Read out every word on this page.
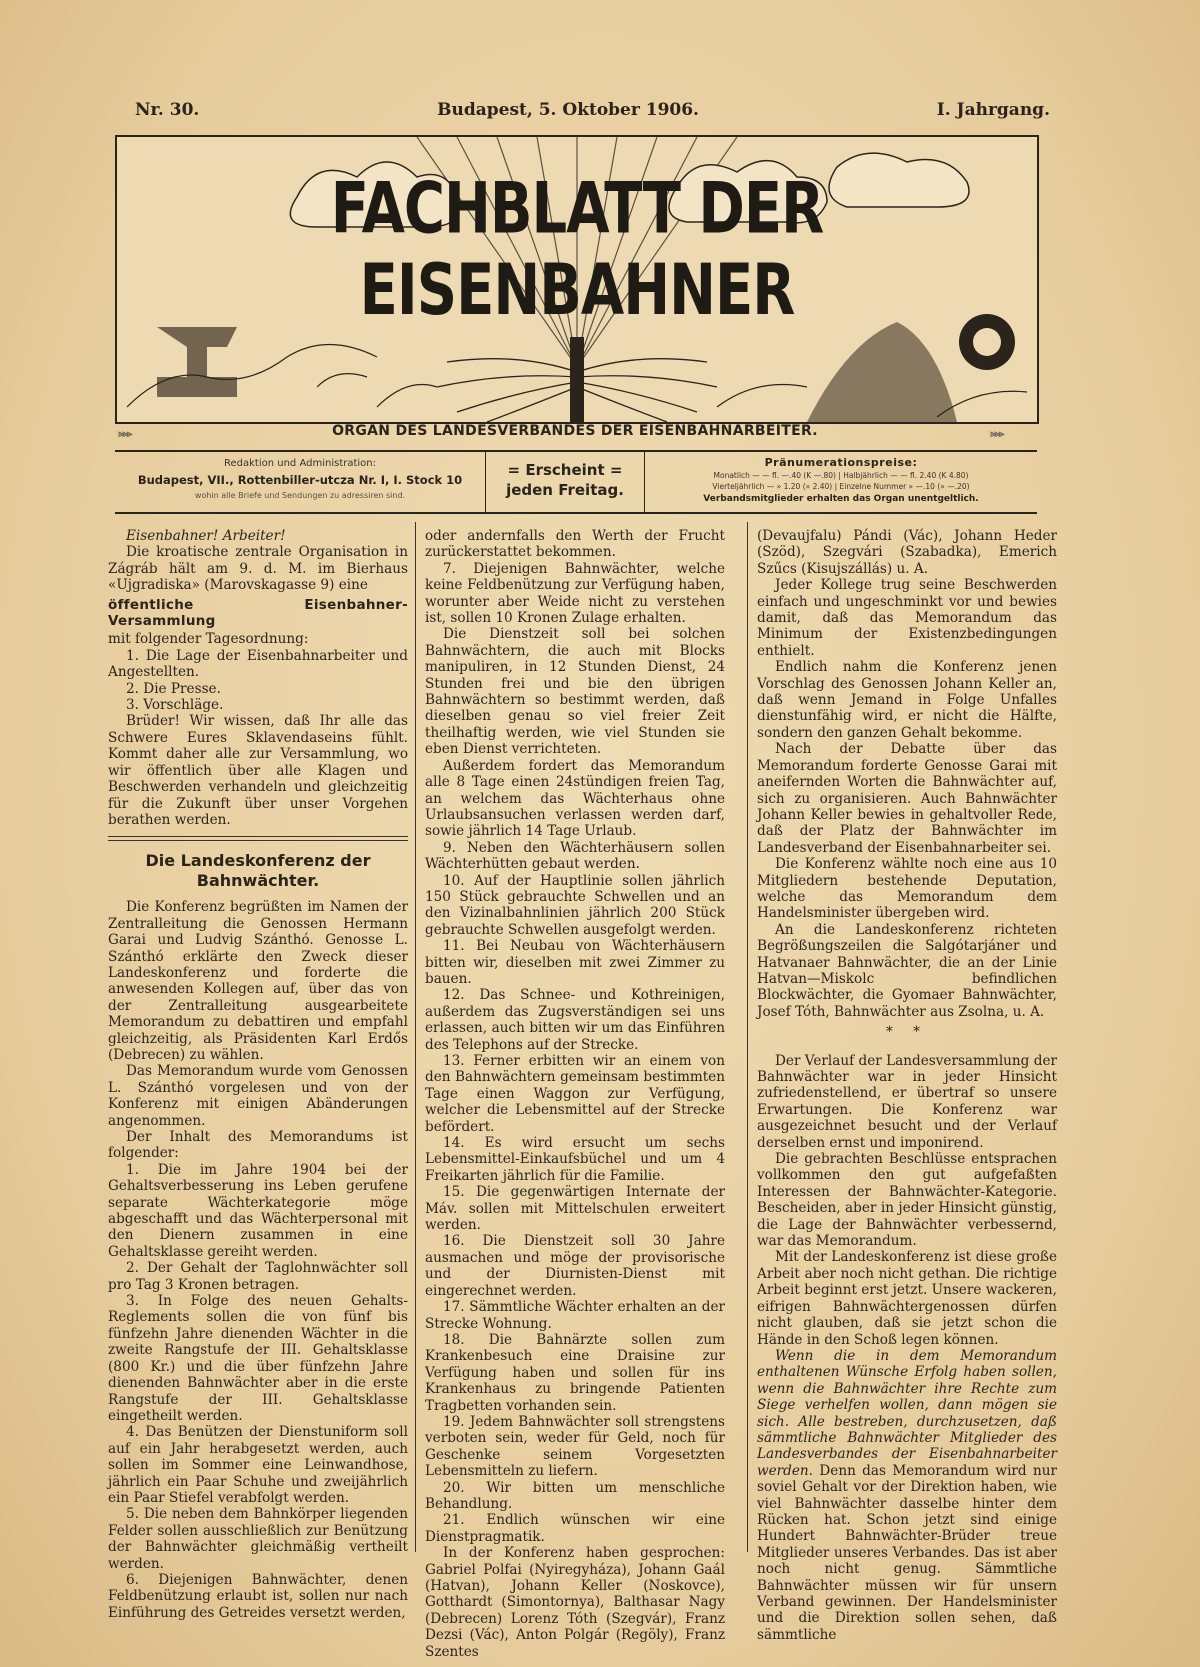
Nr. 30.	Budapest, 5. Oktober 1906.	I. Jahrgang.
FACHBLATT DER EISENBAHNER
⫸⫸⫸	ORGAN DES LANDESVERBANDES DER EISENBAHNARBEITER.	⫸⫸⫸
Redaktion und Administration:
Budapest, VII., Rottenbiller-utcza Nr. I, I. Stock 10
wohin alle Briefe und Sendungen zu adressiren sind.
= Erscheint =
jeden Freitag.
Pränumerationspreise:
Monatlich — — fl. —.40 (K —.80) | Halbjährlich — — fl. 2.40 (K 4.80)
Vierteljährlich — » 1.20 (» 2.40) | Einzelne Nummer » —.10 (» —.20)
Verbandsmitglieder erhalten das Organ unentgeltlich.

Eisenbahner! Arbeiter!

Die kroatische zentrale Organisation in Zágráb hält am 9. d. M. im Bierhaus «Ujgradiska» (Marovskagasse 9) eine

öffentliche Eisenbahner-Versammlung

mit folgender Tagesordnung:

1. Die Lage der Eisenbahnarbeiter und Angestellten.

2. Die Presse.

3. Vorschläge.

Brüder! Wir wissen, daß Ihr alle das Schwere Eures Sklavendaseins fühlt. Kommt daher alle zur Versammlung, wo wir öffentlich über alle Klagen und Beschwerden verhandeln und gleichzeitig für die Zukunft über unser Vorgehen berathen werden.

Die Landeskonferenz der Bahnwächter.

Die Konferenz begrüßten im Namen der Zentralleitung die Genossen Hermann Garai und Ludvig Szánthó. Genosse L. Szánthó erklärte den Zweck dieser Landeskonferenz und forderte die anwesenden Kollegen auf, über das von der Zentralleitung ausgearbeitete Memorandum zu debattiren und empfahl gleichzeitig, als Präsidenten Karl Erdős (Debrecen) zu wählen.

Das Memorandum wurde vom Genossen L. Szánthó vorgelesen und von der Konferenz mit einigen Abänderungen angenommen.

Der Inhalt des Memorandums ist folgender:

1. Die im Jahre 1904 bei der Gehaltsverbesserung ins Leben gerufene separate Wächterkategorie möge abgeschafft und das Wächterpersonal mit den Dienern zusammen in eine Gehaltsklasse gereiht werden.

2. Der Gehalt der Taglohnwächter soll pro Tag 3 Kronen betragen.

3. In Folge des neuen Gehalts-Reglements sollen die von fünf bis fünfzehn Jahre dienenden Wächter in die zweite Rangstufe der III. Gehaltsklasse (800 Kr.) und die über fünfzehn Jahre dienenden Bahnwächter aber in die erste Rangstufe der III. Gehaltsklasse eingetheilt werden.

4. Das Benützen der Dienstuniform soll auf ein Jahr herabgesetzt werden, auch sollen im Sommer eine Leinwandhose, jährlich ein Paar Schuhe und zweijährlich ein Paar Stiefel verabfolgt werden.

5. Die neben dem Bahnkörper liegenden Felder sollen ausschließlich zur Benützung der Bahnwächter gleichmäßig vertheilt werden.

6. Diejenigen Bahnwächter, denen Feldbenützung erlaubt ist, sollen nur nach Einführung des Getreides versetzt werden,

oder andernfalls den Werth der Frucht zurückerstattet bekommen.

7. Diejenigen Bahnwächter, welche keine Feldbenützung zur Verfügung haben, worunter aber Weide nicht zu verstehen ist, sollen 10 Kronen Zulage erhalten.

Die Dienstzeit soll bei solchen Bahnwächtern, die auch mit Blocks manipuliren, in 12 Stunden Dienst, 24 Stunden frei und bie den übrigen Bahnwächtern so bestimmt werden, daß dieselben genau so viel freier Zeit theilhaftig werden, wie viel Stunden sie eben Dienst verrichteten.

Außerdem fordert das Memorandum alle 8 Tage einen 24stündigen freien Tag, an welchem das Wächterhaus ohne Urlaubsansuchen verlassen werden darf, sowie jährlich 14 Tage Urlaub.

9. Neben den Wächterhäusern sollen Wächterhütten gebaut werden.

10. Auf der Hauptlinie sollen jährlich 150 Stück gebrauchte Schwellen und an den Vizinalbahnlinien jährlich 200 Stück gebrauchte Schwellen ausgefolgt werden.

11. Bei Neubau von Wächterhäusern bitten wir, dieselben mit zwei Zimmer zu bauen.

12. Das Schnee- und Kothreinigen, außerdem das Zugsverständigen sei uns erlassen, auch bitten wir um das Einführen des Telephons auf der Strecke.

13. Ferner erbitten wir an einem von den Bahnwächtern gemeinsam bestimmten Tage einen Waggon zur Verfügung, welcher die Lebensmittel auf der Strecke befördert.

14. Es wird ersucht um sechs Lebensmittel-Einkaufsbüchel und um 4 Freikarten jährlich für die Familie.

15. Die gegenwärtigen Internate der Máv. sollen mit Mittelschulen erweitert werden.

16. Die Dienstzeit soll 30 Jahre ausmachen und möge der provisorische und der Diurnisten-Dienst mit eingerechnet werden.

17. Sämmtliche Wächter erhalten an der Strecke Wohnung.

18. Die Bahnärzte sollen zum Krankenbesuch eine Draisine zur Verfügung haben und sollen für ins Krankenhaus zu bringende Patienten Tragbetten vorhanden sein.

19. Jedem Bahnwächter soll strengstens verboten sein, weder für Geld, noch für Geschenke seinem Vorgesetzten Lebensmitteln zu liefern.

20. Wir bitten um menschliche Behandlung.

21. Endlich wünschen wir eine Dienstpragmatik.

In der Konferenz haben gesprochen: Gabriel Polfai (Nyiregyháza), Johann Gaál (Hatvan), Johann Keller (Noskovce), Gotthardt (Simontornya), Balthasar Nagy (Debrecen) Lorenz Tóth (Szegvár), Franz Dezsi (Vác), Anton Polgár (Regöly), Franz Szentes

(Devaujfalu) Pándi (Vác), Johann Heder (Szöd), Szegvári (Szabadka), Emerich Szűcs (Kisujszállás) u. A.

Jeder Kollege trug seine Beschwerden einfach und ungeschminkt vor und bewies damit, daß das Memorandum das Minimum der Existenzbedingungen enthielt.

Endlich nahm die Konferenz jenen Vorschlag des Genossen Johann Keller an, daß wenn Jemand in Folge Unfalles dienstunfähig wird, er nicht die Hälfte, sondern den ganzen Gehalt bekomme.

Nach der Debatte über das Memorandum forderte Genosse Garai mit aneifernden Worten die Bahnwächter auf, sich zu organisieren. Auch Bahnwächter Johann Keller bewies in gehaltvoller Rede, daß der Platz der Bahnwächter im Landesverband der Eisenbahnarbeiter sei.

Die Konferenz wählte noch eine aus 10 Mitgliedern bestehende Deputation, welche das Memorandum dem Handelsminister übergeben wird.

An die Landeskonferenz richteten Begrößungszeilen die Salgótarjáner und Hatvanaer Bahnwächter, die an der Linie Hatvan—Miskolc befindlichen Blockwächter, die Gyomaer Bahnwächter, Josef Tóth, Bahnwächter aus Zsolna, u. A.

* *

Der Verlauf der Landesversammlung der Bahnwächter war in jeder Hinsicht zufriedenstellend, er übertraf so unsere Erwartungen. Die Konferenz war ausgezeichnet besucht und der Verlauf derselben ernst und imponirend.

Die gebrachten Beschlüsse entsprachen vollkommen den gut aufgefaßten Interessen der Bahnwächter-Kategorie. Bescheiden, aber in jeder Hinsicht günstig, die Lage der Bahnwächter verbessernd, war das Memorandum.

Mit der Landeskonferenz ist diese große Arbeit aber noch nicht gethan. Die richtige Arbeit beginnt erst jetzt. Unsere wackeren, eifrigen Bahnwächtergenossen dürfen nicht glauben, daß sie jetzt schon die Hände in den Schoß legen können.

Wenn die in dem Memorandum enthaltenen Wünsche Erfolg haben sollen, wenn die Bahnwächter ihre Rechte zum Siege verhelfen wollen, dann mögen sie sich. Alle bestreben, durchzusetzen, daß sämmtliche Bahnwächter Mitglieder des Landesverbandes der Eisenbahnarbeiter werden. Denn das Memorandum wird nur soviel Gehalt vor der Direktion haben, wie viel Bahnwächter dasselbe hinter dem Rücken hat. Schon jetzt sind einige Hundert Bahnwächter-Brüder treue Mitglieder unseres Verbandes. Das ist aber noch nicht genug. Sämmtliche Bahnwächter müssen wir für unsern Verband gewinnen. Der Handelsminister und die Direktion sollen sehen, daß sämmtliche
